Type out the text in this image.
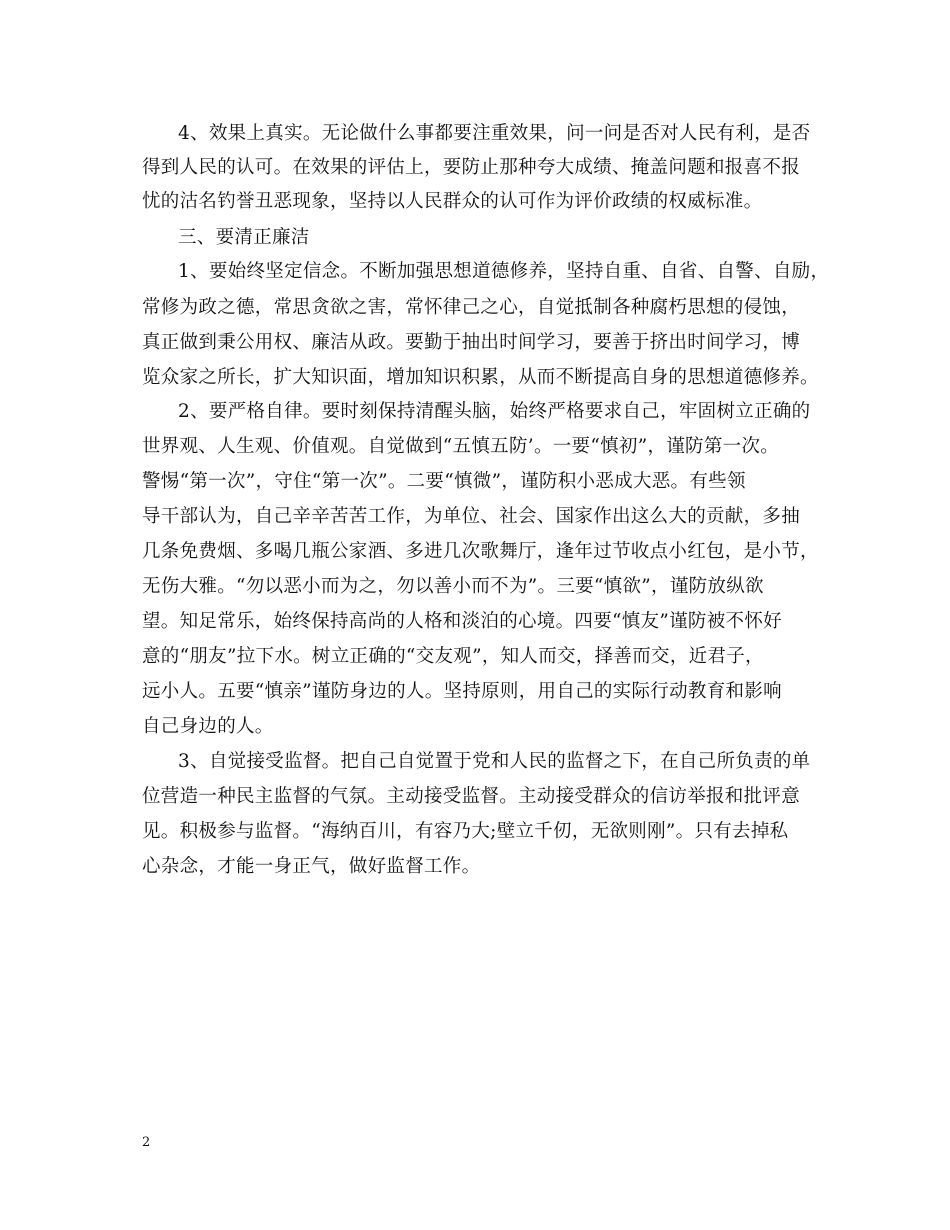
4、效果上真实。无论做什么事都要注重效果，问一问是否对人民有利，是否
得到人民的认可。在效果的评估上，要防止那种夸大成绩、掩盖问题和报喜不报
忧的沽名钓誉丑恶现象，坚持以人民群众的认可作为评价政绩的权威标准。
三、要清正廉洁
1、要始终坚定信念。不断加强思想道德修养，坚持自重、自省、自警、自励，
常修为政之德，常思贪欲之害，常怀律己之心，自觉抵制各种腐朽思想的侵蚀，
真正做到秉公用权、廉洁从政。要勤于抽出时间学习，要善于挤出时间学习，博
览众家之所长，扩大知识面，增加知识积累，从而不断提高自身的思想道德修养。
2、要严格自律。要时刻保持清醒头脑，始终严格要求自己，牢固树立正确的
世界观、人生观、价值观。自觉做到“五慎五防’。一要“慎初”，谨防第一次。
警惕“第一次”，守住“第一次”。二要“慎微”，谨防积小恶成大恶。有些领
导干部认为，自己辛辛苦苦工作，为单位、社会、国家作出这么大的贡献，多抽
几条免费烟、多喝几瓶公家酒、多进几次歌舞厅，逢年过节收点小红包，是小节，
无伤大雅。“勿以恶小而为之，勿以善小而不为”。三要“慎欲”，谨防放纵欲
望。知足常乐，始终保持高尚的人格和淡泊的心境。四要“慎友”谨防被不怀好
意的“朋友”拉下水。树立正确的“交友观”，知人而交，择善而交，近君子，
远小人。五要“慎亲”谨防身边的人。坚持原则，用自己的实际行动教育和影响
自己身边的人。
3、自觉接受监督。把自己自觉置于党和人民的监督之下，在自己所负责的单
位营造一种民主监督的气氛。主动接受监督。主动接受群众的信访举报和批评意
见。积极参与监督。“海纳百川，有容乃大;壁立千仞，无欲则刚”。只有去掉私
心杂念，才能一身正气，做好监督工作。
2
